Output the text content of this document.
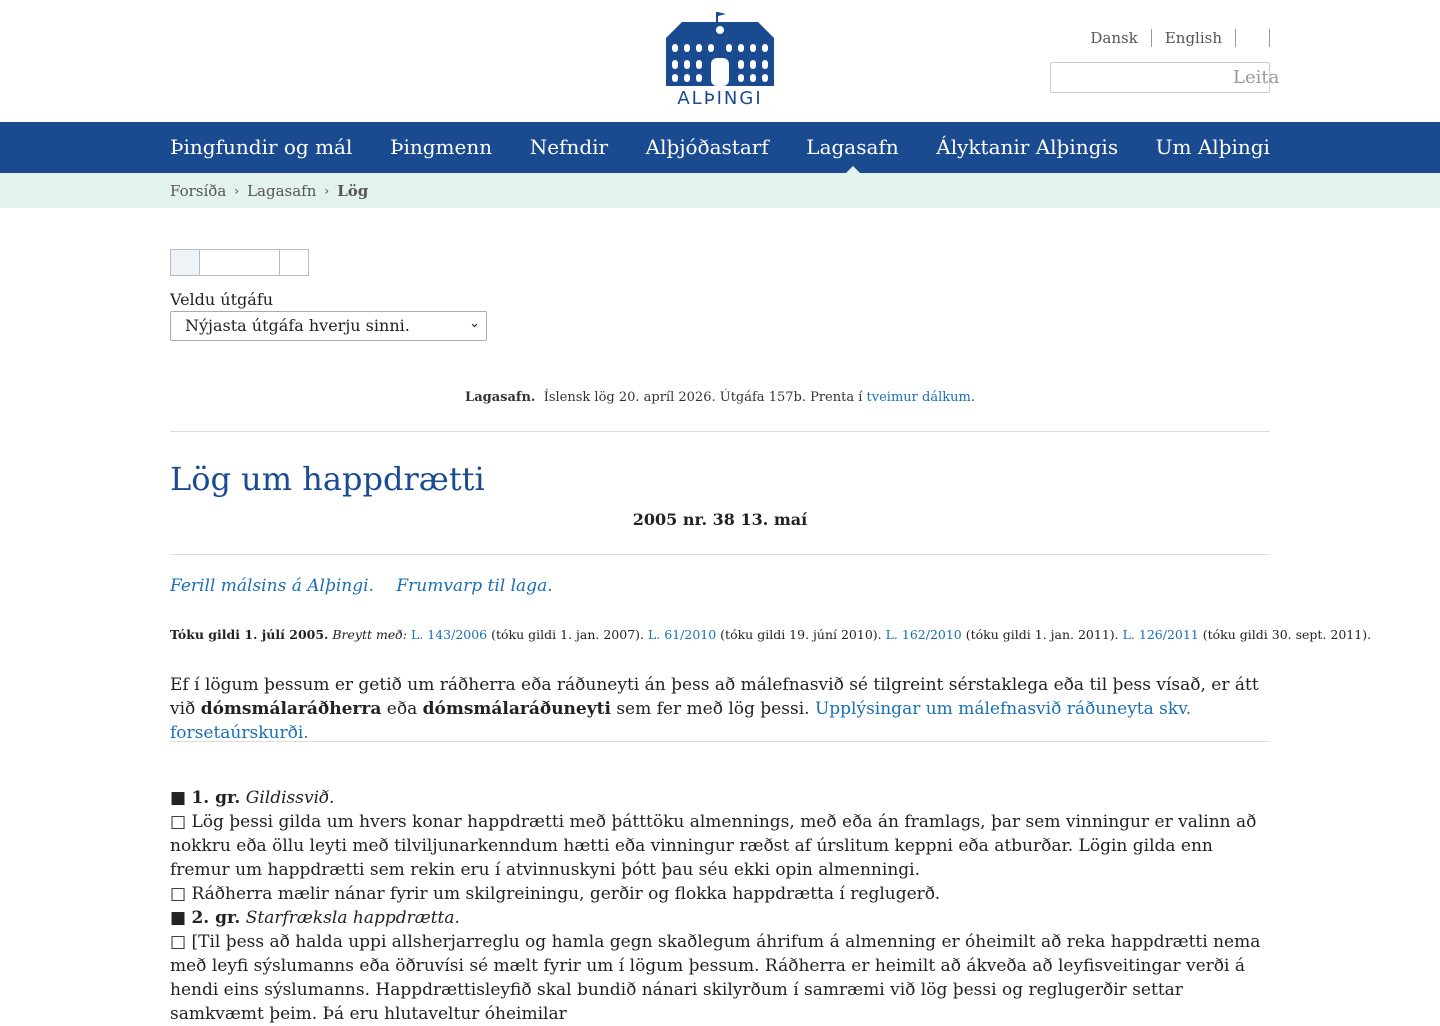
ALÞINGI
Dansk	English
Leita
Þingfundir og mál Þingmenn Nefndir Alþjóðastarf Lagasafn Ályktanir Alþingis Um Alþingi
Forsíða › Lagasafn › Lög
Veldu útgáfu
Nýjasta útgáfa hverju sinni.	⌄
Lagasafn. Íslensk lög 20. apríl 2026. Útgáfa 157b. Prenta í tveimur dálkum.
Lög um happdrætti
2005 nr. 38 13. maí
Ferill málsins á Alþingi. Frumvarp til laga.
Tóku gildi 1. júlí 2005. Breytt með: L. 143/2006 (tóku gildi 1. jan. 2007). L. 61/2010 (tóku gildi 19. júní 2010). L. 162/2010 (tóku gildi 1. jan. 2011). L. 126/2011 (tóku gildi 30. sept. 2011).
Ef í lögum þessum er getið um ráðherra eða ráðuneyti án þess að málefnasvið sé tilgreint sérstaklega eða til þess vísað, er átt við dómsmálaráðherra eða dómsmálaráðuneyti sem fer með lög þessi. Upplýsingar um málefnasvið ráðuneyta skv. forsetaúrskurði.
■ 1. gr. Gildissvið.
□ Lög þessi gilda um hvers konar happdrætti með þátttöku almennings, með eða án framlags, þar sem vinningur er valinn að nokkru eða öllu leyti með tilviljunarkenndum hætti eða vinningur ræðst af úrslitum keppni eða atburðar. Lögin gilda enn fremur um happdrætti sem rekin eru í atvinnuskyni þótt þau séu ekki opin almenningi.
□ Ráðherra mælir nánar fyrir um skilgreiningu, gerðir og flokka happdrætta í reglugerð.
■ 2. gr. Starfræksla happdrætta.
□ [Til þess að halda uppi allsherjarreglu og hamla gegn skaðlegum áhrifum á almenning er óheimilt að reka happdrætti nema með leyfi sýslumanns eða öðruvísi sé mælt fyrir um í lögum þessum. Ráðherra er heimilt að ákveða að leyfisveitingar verði á hendi eins sýslumanns. Happdrættisleyfið skal bundið nánari skilyrðum í samræmi við lög þessi og reglugerðir settar samkvæmt þeim. Þá eru hlutaveltur óheimilar
